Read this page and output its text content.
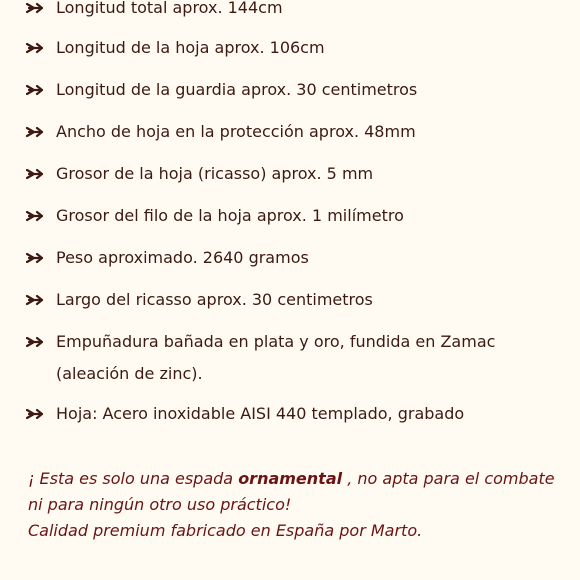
Longitud total aprox. 144cm
Longitud de la hoja aprox. 106cm
Longitud de la guardia aprox. 30 centimetros
Ancho de hoja en la protección aprox. 48mm
Grosor de la hoja (ricasso) aprox. 5 mm
Grosor del filo de la hoja aprox. 1 milímetro
Peso aproximado. 2640 gramos
Largo del ricasso aprox. 30 centimetros
Empuñadura bañada en plata y oro, fundida en Zamac (aleación de zinc).
Hoja: Acero inoxidable AISI 440 templado, grabado

¡ Esta es solo una espada ornamental , no apta para el combate

ni para ningún otro uso práctico!

Calidad premium fabricado en España por Marto.
